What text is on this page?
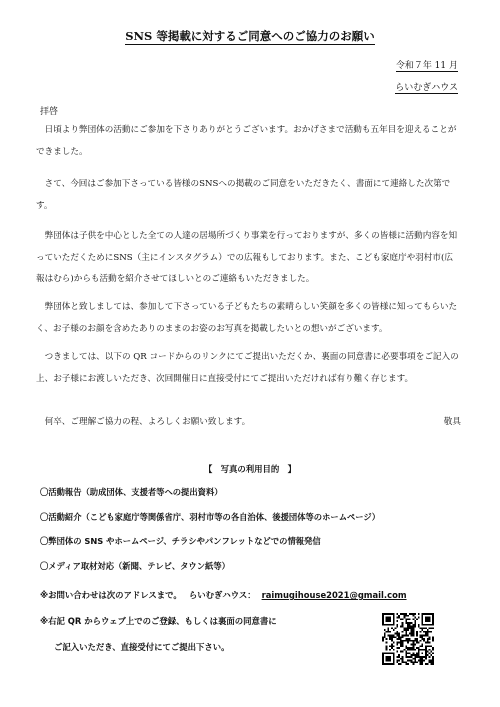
SNS 等掲載に対するご同意へのご協力のお願い
令和７年 11 月
らいむぎハウス
拝啓

日頃より弊団体の活動にご参加を下さりありがとうございます。おかげさまで活動も五年目を迎えることができました。

さて、今回はご参加下さっている皆様のSNSへの掲載のご同意をいただきたく、書面にて連絡した次第です。

弊団体は子供を中心とした全ての人達の居場所づくり事業を行っておりますが、多くの皆様に活動内容を知っていただくためにSNS（主にインスタグラム）での広報もしております。また、こども家庭庁や羽村市(広報はむら)からも活動を紹介させてほしいとのご連絡もいただきました。

弊団体と致しましては、参加して下さっている子どもたちの素晴らしい笑顔を多くの皆様に知ってもらいたく、お子様のお顔を含めたありのままのお姿のお写真を掲載したいとの想いがございます。

つきましては、以下の QR コードからのリンクにてご提出いただくか、裏面の同意書に必要事項をご記入の上、お子様にお渡しいただき、次回開催日に直接受付にてご提出いただければ有り難く存じます。

何卒、ご理解ご協力の程、よろしくお願い致します。	敬具
【　写真の利用目的　】
〇活動報告（助成団体、支援者等への提出資料）
〇活動紹介（こども家庭庁等関係省庁、羽村市等の各自治体、後援団体等のホームページ）
〇弊団体の SNS やホームページ、チラシやパンフレットなどでの情報発信
〇メディア取材対応（新聞、テレビ、タウン紙等）
※お問い合わせは次のアドレスまで。　 らいむぎハウス： raimugihouse2021@gmail.com
※右記 QR からウェブ上でのご登録、もしくは裏面の同意書に
ご記入いただき、直接受付にてご提出下さい。
